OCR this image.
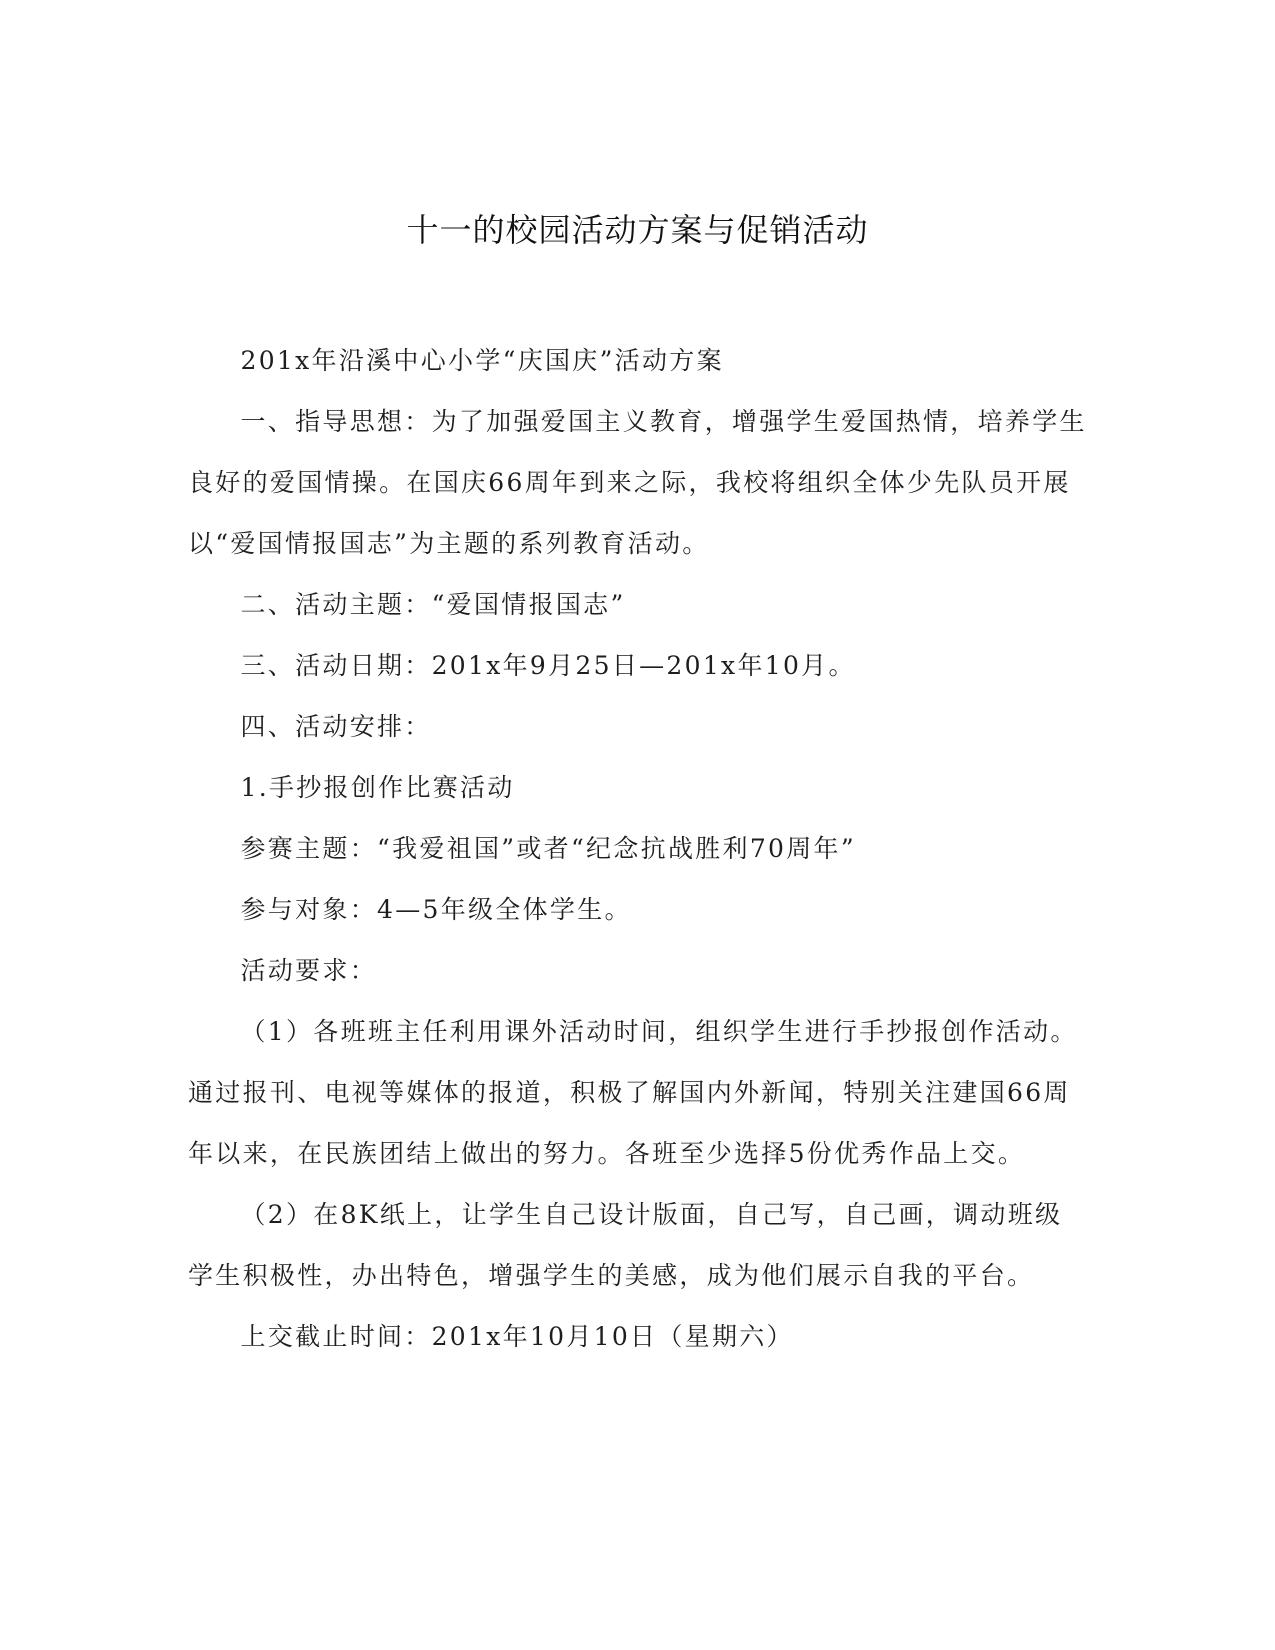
十一的校园活动方案与促销活动

201x年沿溪中心小学“庆国庆”活动方案

一、指导思想：为了加强爱国主义教育，增强学生爱国热情，培养学生良好的爱国情操。在国庆66周年到来之际，我校将组织全体少先队员开展以“爱国情报国志”为主题的系列教育活动。

二、活动主题：“爱国情报国志”

三、活动日期：201x年9月25日—201x年10月。

四、活动安排：

1.手抄报创作比赛活动

参赛主题：“我爱祖国”或者“纪念抗战胜利70周年”

参与对象：4—5年级全体学生。

活动要求：

（1）各班班主任利用课外活动时间，组织学生进行手抄报创作活动。通过报刊、电视等媒体的报道，积极了解国内外新闻，特别关注建国66周年以来，在民族团结上做出的努力。各班至少选择5份优秀作品上交。

（2）在8K纸上，让学生自己设计版面，自己写，自己画，调动班级学生积极性，办出特色，增强学生的美感，成为他们展示自我的平台。

上交截止时间：201x年10月10日（星期六）
